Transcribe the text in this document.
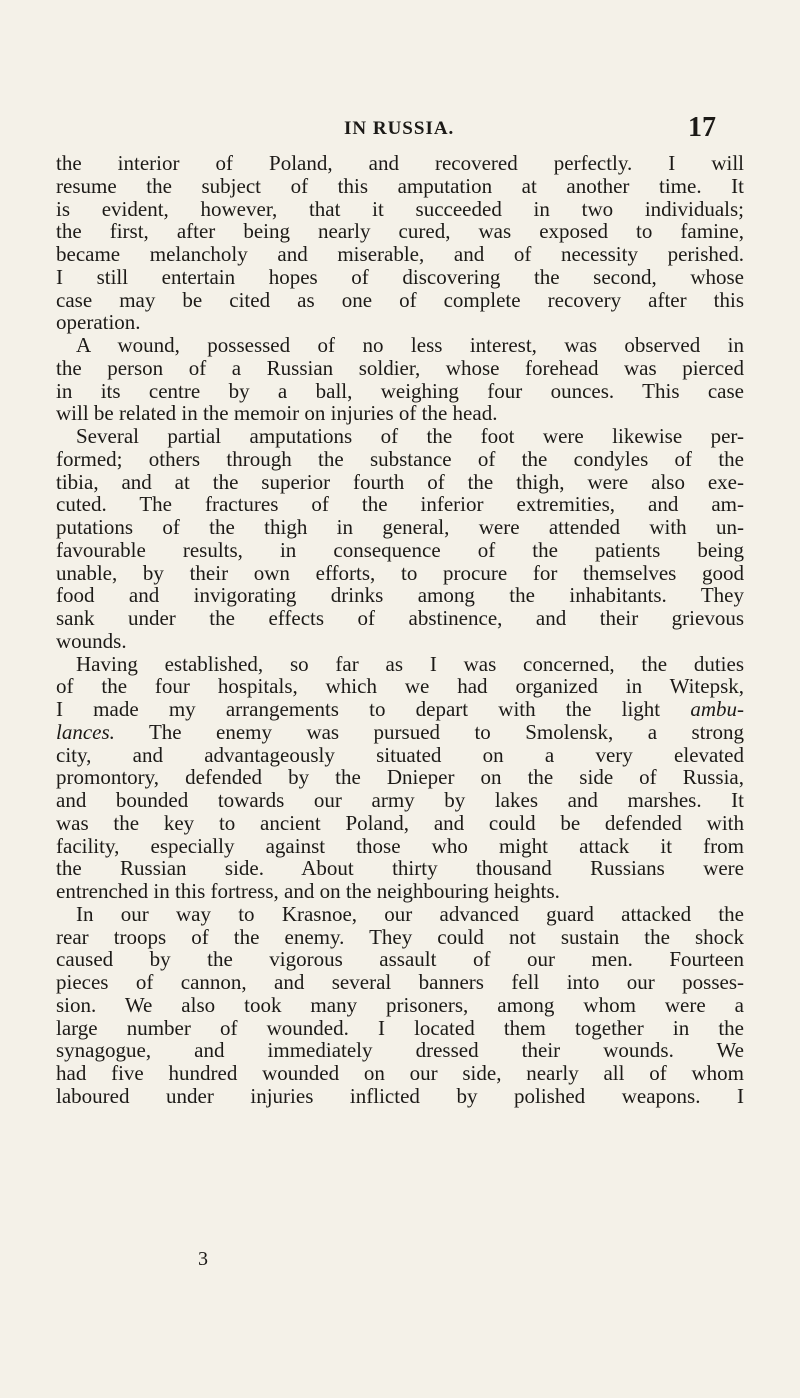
IN RUSSIA.	17
the interior of Poland, and recovered perfectly. I will
resume the subject of this amputation at another time. It
is evident, however, that it succeeded in two individuals;
the first, after being nearly cured, was exposed to famine,
became melancholy and miserable, and of necessity perished.
I still entertain hopes of discovering the second, whose
case may be cited as one of complete recovery after this
operation.
A wound, possessed of no less interest, was observed in
the person of a Russian soldier, whose forehead was pierced
in its centre by a ball, weighing four ounces. This case
will be related in the memoir on injuries of the head.
Several partial amputations of the foot were likewise per-
formed; others through the substance of the condyles of the
tibia, and at the superior fourth of the thigh, were also exe-
cuted. The fractures of the inferior extremities, and am-
putations of the thigh in general, were attended with un-
favourable results, in consequence of the patients being
unable, by their own efforts, to procure for themselves good
food and invigorating drinks among the inhabitants. They
sank under the effects of abstinence, and their grievous
wounds.
Having established, so far as I was concerned, the duties
of the four hospitals, which we had organized in Witepsk,
I made my arrangements to depart with the light ambu-
lances. The enemy was pursued to Smolensk, a strong
city, and advantageously situated on a very elevated
promontory, defended by the Dnieper on the side of Russia,
and bounded towards our army by lakes and marshes. It
was the key to ancient Poland, and could be defended with
facility, especially against those who might attack it from
the Russian side. About thirty thousand Russians were
entrenched in this fortress, and on the neighbouring heights.
In our way to Krasnoe, our advanced guard attacked the
rear troops of the enemy. They could not sustain the shock
caused by the vigorous assault of our men. Fourteen
pieces of cannon, and several banners fell into our posses-
sion. We also took many prisoners, among whom were a
large number of wounded. I located them together in the
synagogue, and immediately dressed their wounds. We
had five hundred wounded on our side, nearly all of whom
laboured under injuries inflicted by polished weapons. I
3
